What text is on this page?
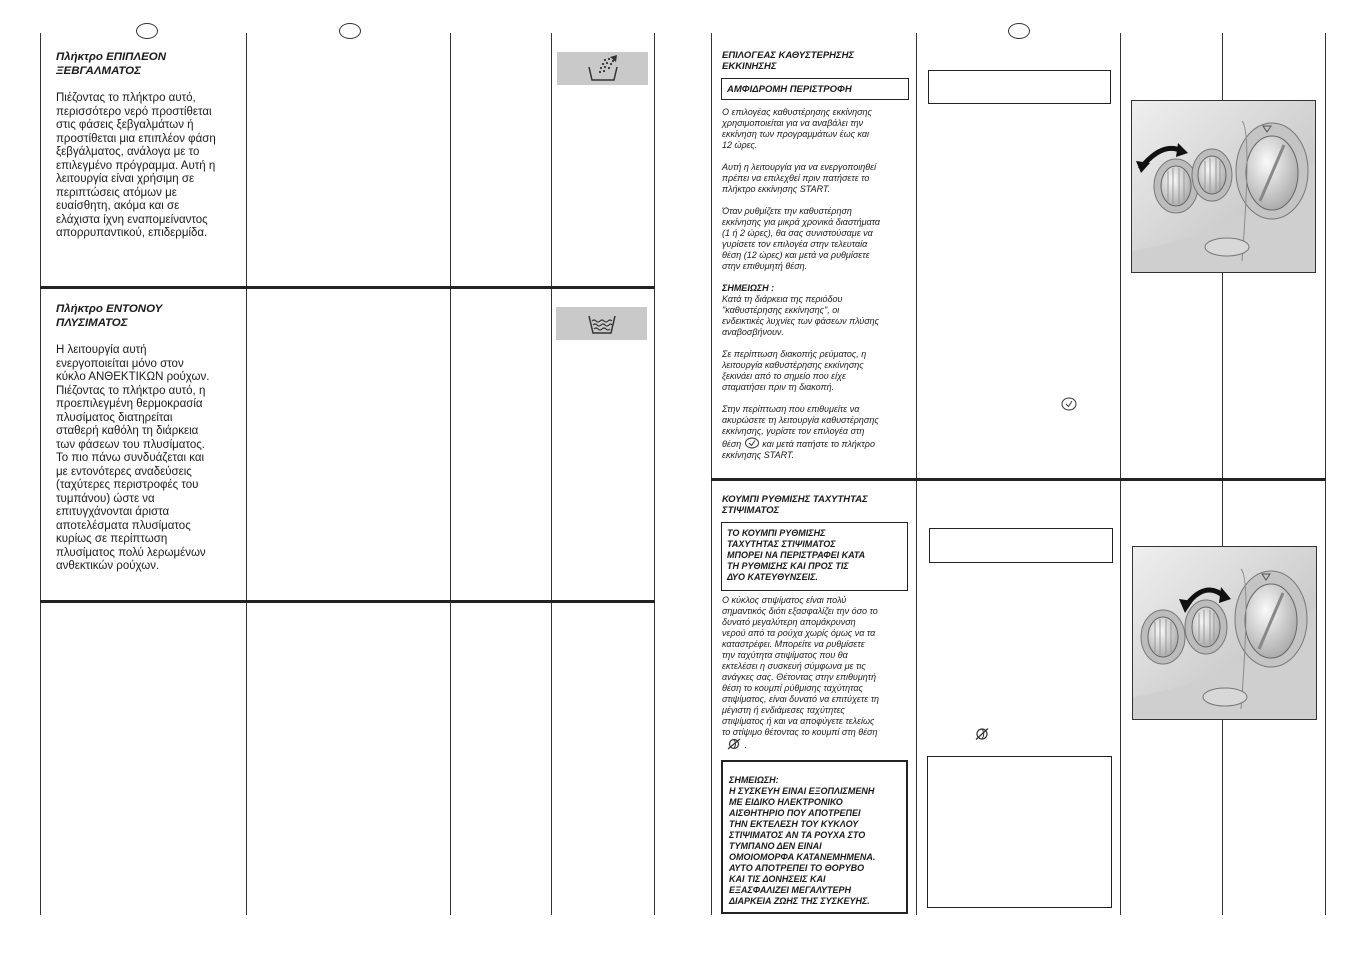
Πλήκτρο ΕΠΙΠΛΕΟΝ
ΞΕΒΓΑΛΜΑΤΟΣ
Πιέζοντας το πλήκτρο αυτό,
περισσότερο νερό προστίθεται
στις φάσεις ξεβγαλμάτων ή
προστίθεται μια επιπλέον φάση
ξεβγάλματος, ανάλογα με το
επιλεγμένο πρόγραμμα. Αυτή η
λειτουργία είναι χρήσιμη σε
περιπτώσεις ατόμων με
ευαίσθητη, ακόμα και σε
ελάχιστα ίχνη εναπομείναντος
απορρυπαντικού, επιδερμίδα.
Πλήκτρο ΕΝΤΟΝΟΥ
ΠΛΥΣΙΜΑΤΟΣ
Η λειτουργία αυτή
ενεργοποιείται μόνο στον
κύκλο ΑΝΘΕΚΤΙΚΩΝ ρούχων.
Πιέζοντας το πλήκτρο αυτό, η
προεπιλεγμένη θερμοκρασία
πλυσίματος διατηρείται
σταθερή καθόλη τη διάρκεια
των φάσεων του πλυσίματος.
Το πιο πάνω συνδυάζεται και
με εντονότερες αναδεύσεις
(ταχύτερες περιστροφές του
τυμπάνου) ώστε να
επιτυγχάνονται άριστα
αποτελέσματα πλυσίματος
κυρίως σε περίπτωση
πλυσίματος πολύ λερωμένων
ανθεκτικών ρούχων.
ΕΠΙΛΟΓΕΑΣ ΚΑΘΥΣΤΕΡΗΣΗΣ
ΕΚΚΙΝΗΣΗΣ
ΑΜΦΙΔΡΟΜΗ ΠΕΡΙΣΤΡΟΦΗ
Ο επιλογέας καθυστέρησης εκκίνησης
χρησιμοποιείται για να αναβάλει την
εκκίνηση των προγραμμάτων έως και
12 ώρες.
Αυτή η λειτουργία για να ενεργοποιηθεί
πρέπει να επιλεχθεί πριν πατήσετε το
πλήκτρο εκκίνησης START.
Όταν ρυθμίζετε την καθυστέρηση
εκκίνησης για μικρά χρονικά διαστήματα
(1 ή 2 ώρες), θα σας συνιστούσαμε να
γυρίσετε τον επιλογέα στην τελευταία
θέση (12 ώρες) και μετά να ρυθμίσετε
στην επιθυμητή θέση.
ΣΗΜΕΙΩΣΗ :
Κατά τη διάρκεια της περιόδου
"καθυστέρησης εκκίνησης", οι
ενδεικτικές λυχνίες των φάσεων πλύσης
αναβοσβήνουν.
Σε περίπτωση διακοπής ρεύματος, η
λειτουργία καθυστέρησης εκκίνησης
ξεκινάει από το σημείο που είχε
σταματήσει πριν τη διακοπή.
Στην περίπτωση που επιθυμείτε να
ακυρώσετε τη λειτουργία καθυστέρησης
εκκίνησης, γυρίστε τον επιλογέα στη
θέση και μετά πατήστε το πλήκτρο
εκκίνησης START.
ΚΟΥΜΠΙ ΡΥΘΜΙΣΗΣ ΤΑΧΥΤΗΤΑΣ
ΣΤΙΨΙΜΑΤΟΣ
ΤΟ ΚΟΥΜΠΙ ΡΥΘΜΙΣΗΣ
ΤΑΧΥΤΗΤΑΣ ΣΤΙΨΙΜΑΤΟΣ
ΜΠΟΡΕΙ ΝΑ ΠΕΡΙΣΤΡΑΦΕΙ ΚΑΤΑ
ΤΗ ΡΥΘΜΙΣΗΣ ΚΑΙ ΠΡΟΣ ΤΙΣ
ΔΥΟ ΚΑΤΕΥΘΥΝΣΕΙΣ.
Ο κύκλος στιψίματος είναι πολύ
σημαντικός διότι εξασφαλίζει την όσο το
δυνατό μεγαλύτερη απομάκρυνση
νερού από τα ρούχα χωρίς όμως να τα
καταστρέφει. Μπορείτε να ρυθμίσετε
την ταχύτητα στιψίματος που θα
εκτελέσει η συσκευή σύμφωνα με τις
ανάγκες σας. Θέτοντας στην επιθυμητή
θέση το κουμπί ρύθμισης ταχύτητας
στιψίματος, είναι δυνατό να επιτύχετε τη
μέγιστη ή ενδιάμεσες ταχύτητες
στιψίματος ή και να αποφύγετε τελείως
το στίψιμο θέτοντας το κουμπί στη θέση
.
ΣΗΜΕΙΩΣΗ:
Η ΣΥΣΚΕΥΗ ΕΙΝΑΙ ΕΞΟΠΛΙΣΜΕΝΗ
ΜΕ ΕΙΔΙΚΟ ΗΛΕΚΤΡΟΝΙΚΟ
ΑΙΣΘΗΤΗΡΙΟ ΠΟΥ ΑΠΟΤΡΕΠΕΙ
ΤΗΝ ΕΚΤΕΛΕΣΗ ΤΟΥ ΚΥΚΛΟΥ
ΣΤΙΨΙΜΑΤΟΣ ΑΝ ΤΑ ΡΟΥΧΑ ΣΤΟ
ΤΥΜΠΑΝΟ ΔΕΝ ΕΙΝΑΙ
ΟΜΟΙΟΜΟΡΦΑ ΚΑΤΑΝΕΜΗΜΕΝΑ.
ΑΥΤΟ ΑΠΟΤΡΕΠΕΙ ΤΟ ΘΟΡΥΒΟ
ΚΑΙ ΤΙΣ ΔΟΝΗΣΕΙΣ ΚΑΙ
ΕΞΑΣΦΑΛΙΖΕΙ ΜΕΓΑΛΥΤΕΡΗ
ΔΙΑΡΚΕΙΑ ΖΩΗΣ ΤΗΣ ΣΥΣΚΕΥΗΣ.
